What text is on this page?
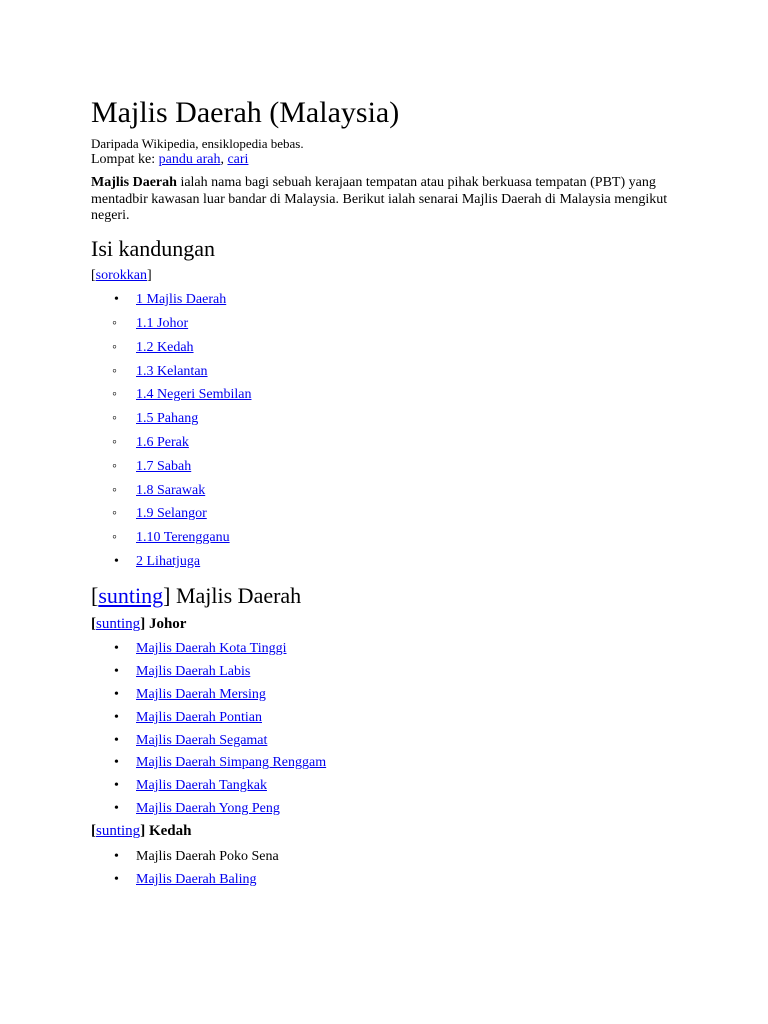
Majlis Daerah (Malaysia)
Daripada Wikipedia, ensiklopedia bebas.
Lompat ke: pandu arah, cari
Majlis Daerah ialah nama bagi sebuah kerajaan tempatan atau pihak berkuasa tempatan (PBT) yang mentadbir kawasan luar bandar di Malaysia. Berikut ialah senarai Majlis Daerah di Malaysia mengikut negeri.
Isi kandungan
[sorokkan]
• 1 Majlis Daerah
◦ 1.1 Johor
◦ 1.2 Kedah
◦ 1.3 Kelantan
◦ 1.4 Negeri Sembilan
◦ 1.5 Pahang
◦ 1.6 Perak
◦ 1.7 Sabah
◦ 1.8 Sarawak
◦ 1.9 Selangor
◦ 1.10 Terengganu
• 2 Lihatjuga
[sunting] Majlis Daerah
[sunting] Johor
• Majlis Daerah Kota Tinggi
• Majlis Daerah Labis
• Majlis Daerah Mersing
• Majlis Daerah Pontian
• Majlis Daerah Segamat
• Majlis Daerah Simpang Renggam
• Majlis Daerah Tangkak
• Majlis Daerah Yong Peng
[sunting] Kedah
• Majlis Daerah Poko Sena
• Majlis Daerah Baling
